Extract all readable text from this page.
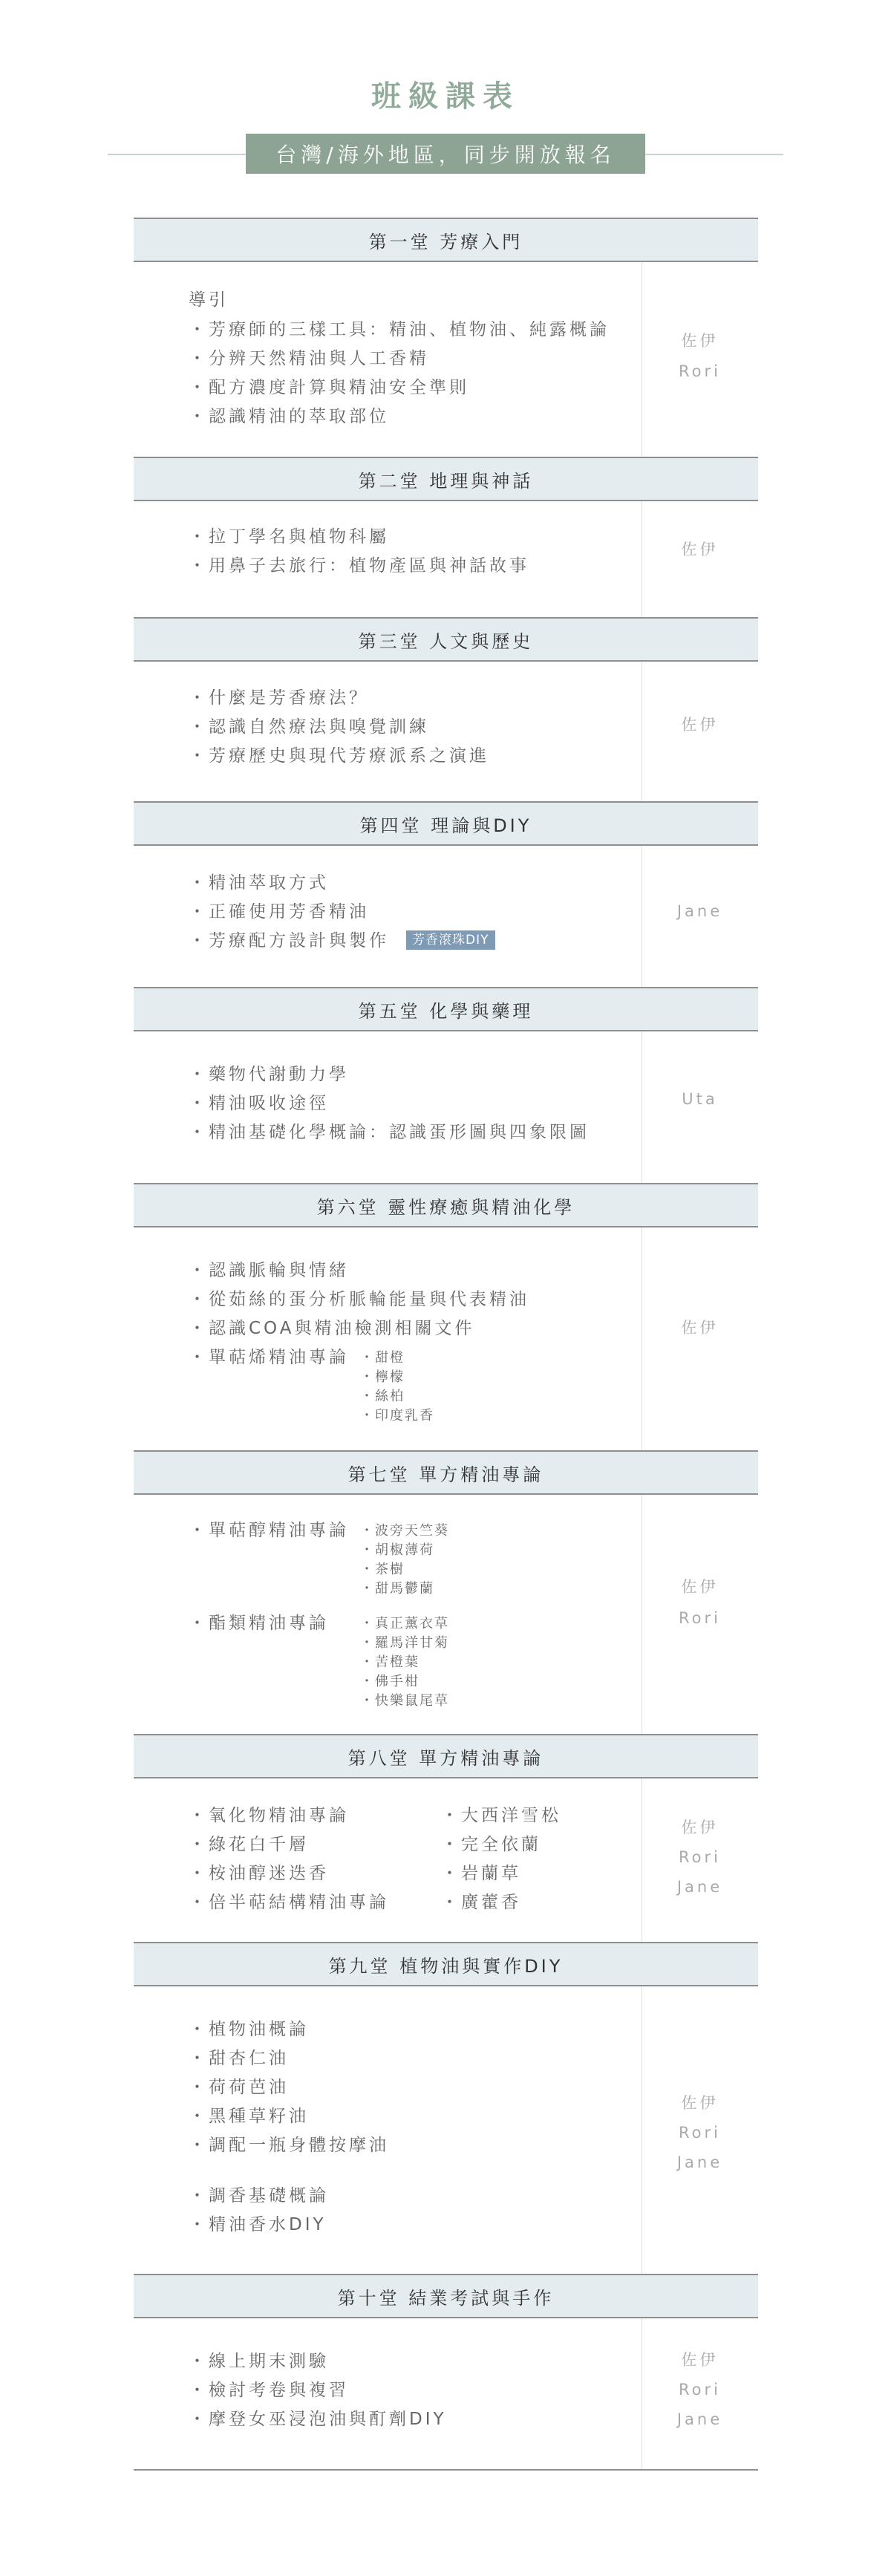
班級課表
台灣/海外地區，同步開放報名
第一堂 芳療入門
導引
・芳療師的三樣工具：精油、植物油、純露概論
・分辨天然精油與人工香精
・配方濃度計算與精油安全準則
・認識精油的萃取部位
佐伊
Rori
第二堂 地理與神話
・拉丁學名與植物科屬
・用鼻子去旅行：植物產區與神話故事
佐伊
第三堂 人文與歷史
・什麼是芳香療法？
・認識自然療法與嗅覺訓練
・芳療歷史與現代芳療派系之演進
佐伊
第四堂 理論與DIY
・精油萃取方式
・正確使用芳香精油
・芳療配方設計與製作	芳香滾珠DIY
Jane
第五堂 化學與藥理
・藥物代謝動力學
・精油吸收途徑
・精油基礎化學概論：認識蛋形圖與四象限圖
Uta
第六堂 靈性療癒與精油化學
・認識脈輪與情緒
・從茹絲的蛋分析脈輪能量與代表精油
・認識COA與精油檢測相關文件
・單萜烯精油專論 ・甜橙
・檸檬
・絲柏
・印度乳香
佐伊
第七堂 單方精油專論
・單萜醇精油專論 ・波旁天竺葵
・胡椒薄荷
・茶樹
・甜馬鬱蘭
・酯類精油專論 ・真正薰衣草
・羅馬洋甘菊
・苦橙葉
・佛手柑
・快樂鼠尾草
佐伊
Rori
第八堂 單方精油專論
・氧化物精油專論
・綠花白千層
・桉油醇迷迭香
・倍半萜結構精油專論
・大西洋雪松
・完全依蘭
・岩蘭草
・廣藿香
佐伊
Rori
Jane
第九堂 植物油與實作DIY
・植物油概論
・甜杏仁油
・荷荷芭油
・黑種草籽油
・調配一瓶身體按摩油
・調香基礎概論
・精油香水DIY
佐伊
Rori
Jane
第十堂 結業考試與手作
・線上期末測驗
・檢討考卷與複習
・摩登女巫浸泡油與酊劑DIY
佐伊
Rori
Jane
